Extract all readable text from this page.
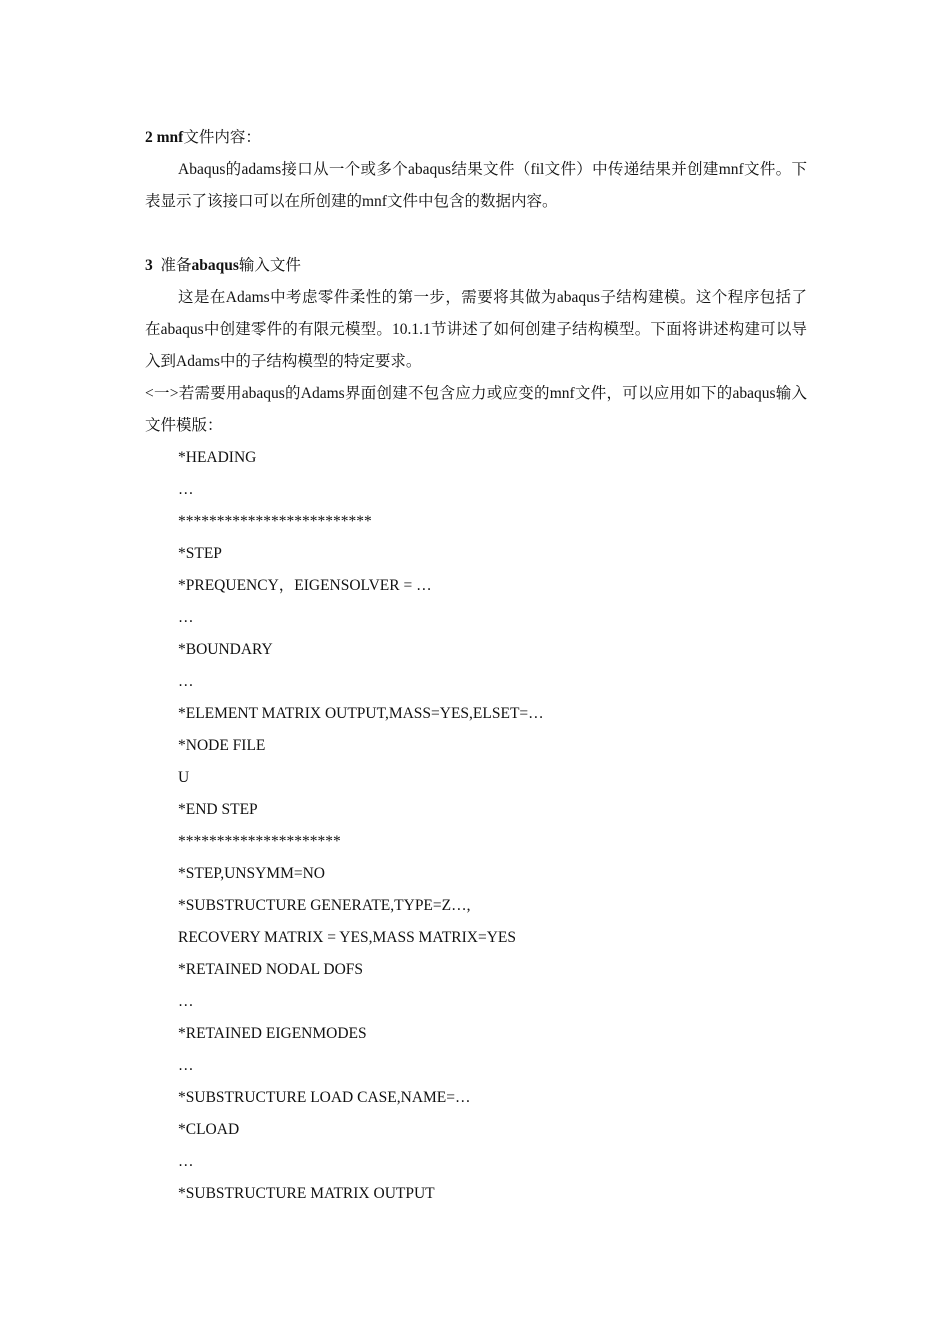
2 mnf文件内容：

Abaqus的adams接口从一个或多个abaqus结果文件（fil文件）中传递结果并创建mnf文件。下表显示了该接口可以在所创建的mnf文件中包含的数据内容。

3 准备abaqus输入文件

这是在Adams中考虑零件柔性的第一步，需要将其做为abaqus子结构建模。这个程序包括了在abaqus中创建零件的有限元模型。10.1.1节讲述了如何创建子结构模型。下面将讲述构建可以导入到Adams中的子结构模型的特定要求。

<一>若需要用abaqus的Adams界面创建不包含应力或应变的mnf文件，可以应用如下的abaqus输入文件模版：

*HEADING
…
*************************
*STEP
*PREQUENCY，EIGENSOLVER = …
…
*BOUNDARY
…
*ELEMENT MATRIX OUTPUT,MASS=YES,ELSET=…
*NODE FILE
U
*END STEP
*********************
*STEP,UNSYMM=NO
*SUBSTRUCTURE GENERATE,TYPE=Z…,
RECOVERY MATRIX = YES,MASS MATRIX=YES
*RETAINED NODAL DOFS
…
*RETAINED EIGENMODES
…
*SUBSTRUCTURE LOAD CASE,NAME=…
*CLOAD
…
*SUBSTRUCTURE MATRIX OUTPUT
